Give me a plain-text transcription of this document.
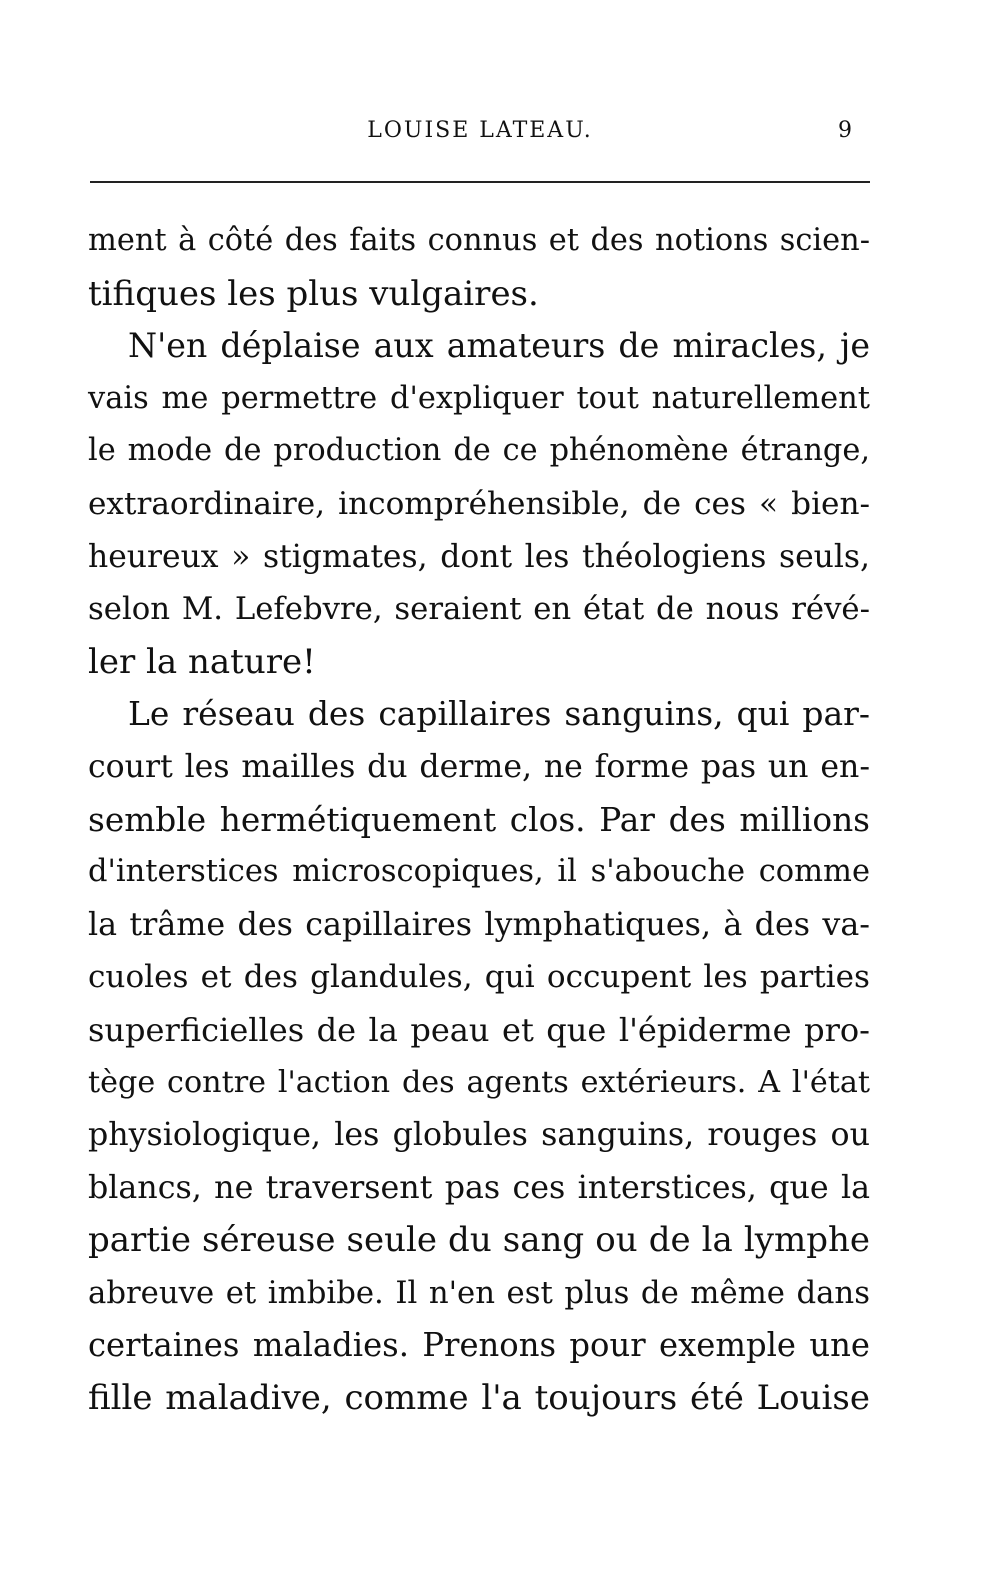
LOUISE LATEAU.	9
ment à côté des faits connus et des notions scien-
tifiques les plus vulgaires.
N'en déplaise aux amateurs de miracles, je
vais me permettre d'expliquer tout naturellement
le mode de production de ce phénomène étrange,
extraordinaire, incompréhensible, de ces « bien-
heureux » stigmates, dont les théologiens seuls,
selon M. Lefebvre, seraient en état de nous révé-
ler la nature!
Le réseau des capillaires sanguins, qui par-
court les mailles du derme, ne forme pas un en-
semble hermétiquement clos. Par des millions
d'interstices microscopiques, il s'abouche comme
la trâme des capillaires lymphatiques, à des va-
cuoles et des glandules, qui occupent les parties
superficielles de la peau et que l'épiderme pro-
tège contre l'action des agents extérieurs. A l'état
physiologique, les globules sanguins, rouges ou
blancs, ne traversent pas ces interstices, que la
partie séreuse seule du sang ou de la lymphe
abreuve et imbibe. Il n'en est plus de même dans
certaines maladies. Prenons pour exemple une
fille maladive, comme l'a toujours été Louise
